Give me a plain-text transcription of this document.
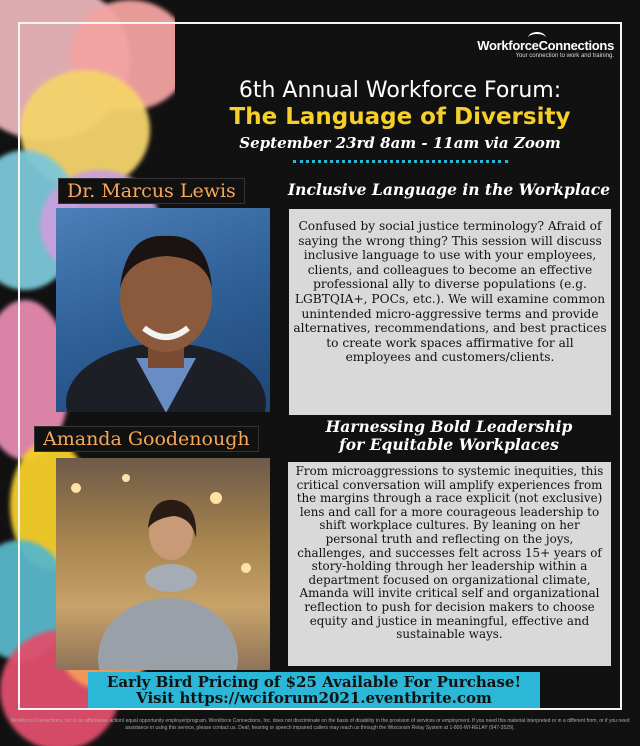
WorkforceConnections
Your connection to work and training.
6th Annual Workforce Forum:
The Language of Diversity
September 23rd 8am - 11am via Zoom
Dr. Marcus Lewis	Inclusive Language in the Workplace
Confused by social justice terminology? Afraid of saying the wrong thing? This session will discuss inclusive language to use with your employees, clients, and colleagues to become an effective professional ally to diverse populations (e.g. LGBTQIA+, POCs, etc.). We will examine common unintended micro-aggressive terms and provide alternatives, recommendations, and best practices to create work spaces affirmative for all employees and customers/clients.
Amanda Goodenough
Harnessing Bold Leadership
for Equitable Workplaces
From microaggressions to systemic inequities, this critical conversation will amplify experiences from the margins through a race explicit (not exclusive) lens and call for a more courageous leadership to shift workplace cultures. By leaning on her personal truth and reflecting on the joys, challenges, and successes felt across 15+ years of story-holding through her leadership within a department focused on organizational climate, Amanda will invite critical self and organizational reflection to push for decision makers to choose equity and justice in meaningful, effective and sustainable ways.
Early Bird Pricing of $25 Available For Purchase!
Visit https://wciforum2021.eventbrite.com
Workforce Connections, Inc is an affirmative action/ equal opportunity employer/program. Workforce Connections, Inc. does not discriminate on the basis of disability in the provision of services or employment. If you need this material interpreted or in a different form, or if you need assistance in using this service, please contact us. Deaf, hearing or speech impaired callers may reach us through the Wisconsin Relay System at 1-800-WI-RELAY (947-3529).
